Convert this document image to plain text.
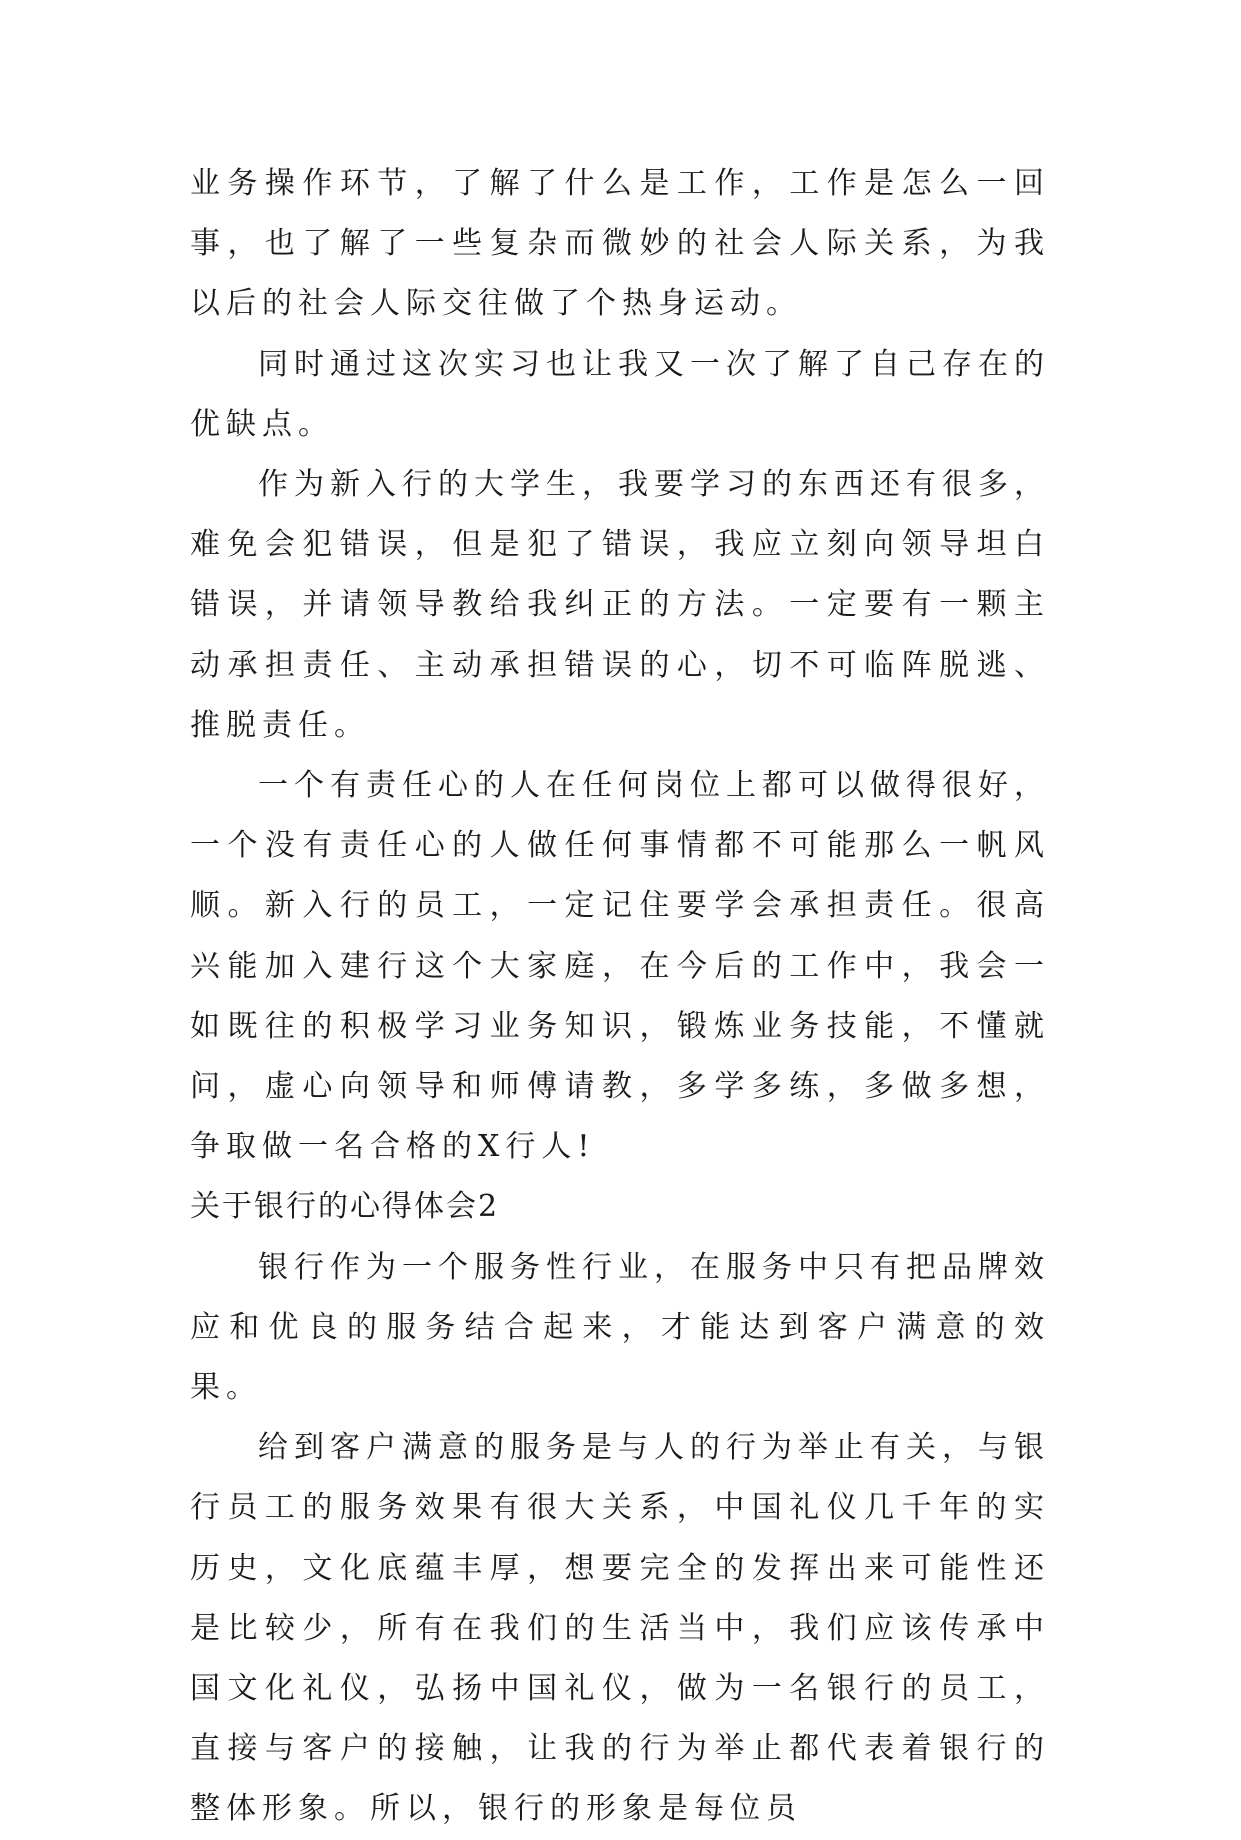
业务操作环节，了解了什么是工作，工作是怎么一回事，也了解了一些复杂而微妙的社会人际关系，为我以后的社会人际交往做了个热身运动。

同时通过这次实习也让我又一次了解了自己存在的优缺点。

作为新入行的大学生，我要学习的东西还有很多，难免会犯错误，但是犯了错误，我应立刻向领导坦白错误，并请领导教给我纠正的方法。一定要有一颗主动承担责任、主动承担错误的心，切不可临阵脱逃、推脱责任。

一个有责任心的人在任何岗位上都可以做得很好，一个没有责任心的人做任何事情都不可能那么一帆风顺。新入行的员工，一定记住要学会承担责任。很高兴能加入建行这个大家庭，在今后的工作中，我会一如既往的积极学习业务知识，锻炼业务技能，不懂就问，虚心向领导和师傅请教，多学多练，多做多想，争取做一名合格的X行人!

关于银行的心得体会2

银行作为一个服务性行业，在服务中只有把品牌效应和优良的服务结合起来，才能达到客户满意的效果。

给到客户满意的服务是与人的行为举止有关，与银行员工的服务效果有很大关系，中国礼仪几千年的实历史，文化底蕴丰厚，想要完全的发挥出来可能性还是比较少，所有在我们的生活当中，我们应该传承中国文化礼仪，弘扬中国礼仪，做为一名银行的员工，直接与客户的接触，让我的行为举止都代表着银行的整体形象。所以，银行的形象是每位员
